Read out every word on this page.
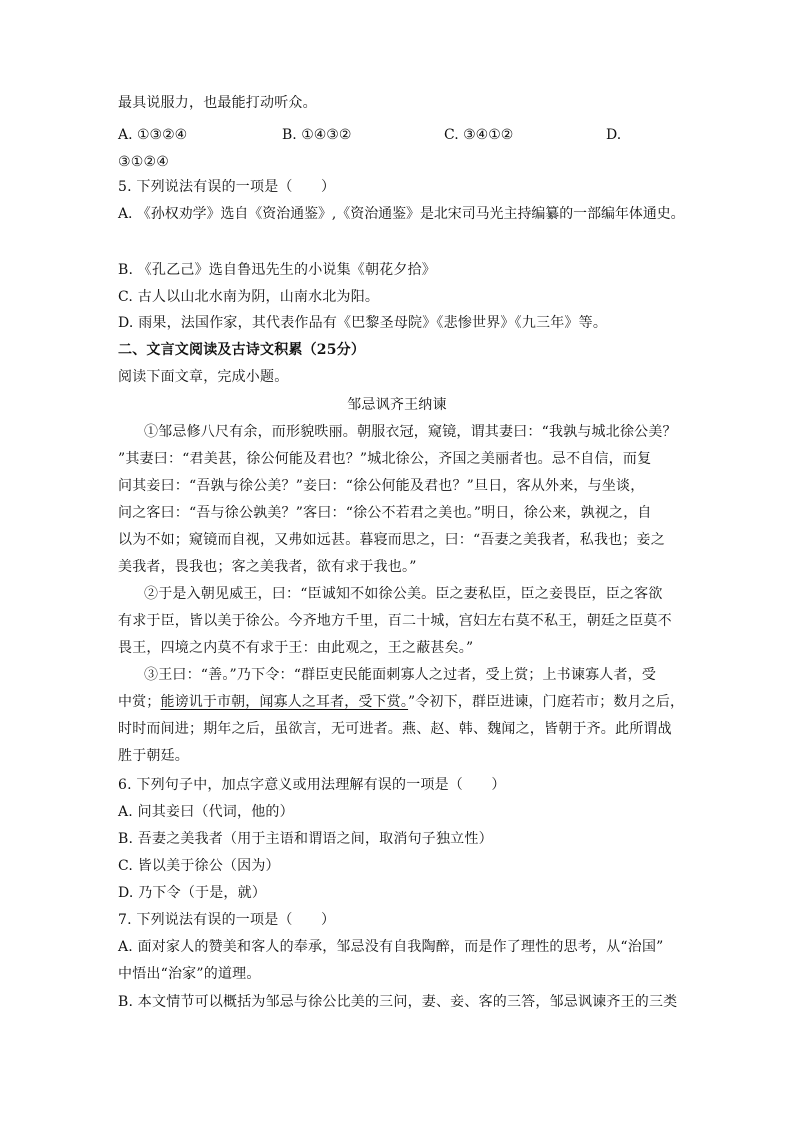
最具说服力，也最能打动听众。
A. ①③②④	B. ①④③②	C. ③④①②	D.
③①②④
5. 下列说法有误的一项是（　　）
A. 《孙权劝学》选自《资治通鉴》,《资治通鉴》是北宋司马光主持编纂的一部编年体通史。
B. 《孔乙己》选自鲁迅先生的小说集《朝花夕拾》
C. 古人以山北水南为阴，山南水北为阳。
D. 雨果，法国作家，其代表作品有《巴黎圣母院》《悲惨世界》《九三年》等。
二、文言文阅读及古诗文积累（25分）
阅读下面文章，完成小题。
邹忌讽齐王纳谏
①邹忌修八尺有余，而形貌昳丽。朝服衣冠，窥镜，谓其妻曰：“我孰与城北徐公美？
”其妻曰：“君美甚，徐公何能及君也？”城北徐公，齐国之美丽者也。忌不自信，而复
问其妾曰：“吾孰与徐公美？”妾曰：“徐公何能及君也？”旦日，客从外来，与坐谈，
问之客曰：“吾与徐公孰美？”客曰：“徐公不若君之美也。”明日，徐公来，孰视之，自
以为不如；窥镜而自视，又弗如远甚。暮寝而思之，曰：“吾妻之美我者，私我也；妾之
美我者，畏我也；客之美我者，欲有求于我也。”
②于是入朝见威王，曰：“臣诚知不如徐公美。臣之妻私臣，臣之妾畏臣，臣之客欲
有求于臣，皆以美于徐公。今齐地方千里，百二十城，宫妇左右莫不私王，朝廷之臣莫不
畏王，四境之内莫不有求于王：由此观之，王之蔽甚矣。”
③王曰：“善。”乃下令：“群臣吏民能面刺寡人之过者，受上赏；上书谏寡人者，受
中赏；能谤讥于市朝，闻寡人之耳者，受下赏。”令初下，群臣进谏，门庭若市；数月之后，
时时而间进；期年之后，虽欲言，无可进者。燕、赵、韩、魏闻之，皆朝于齐。此所谓战
胜于朝廷。
6. 下列句子中，加点字意义或用法理解有误的一项是（　　）
A. 问其妾曰（代词，他的）
B. 吾妻之美我者（用于主语和谓语之间，取消句子独立性）
C. 皆以美于徐公（因为）
D. 乃下令（于是，就）
7. 下列说法有误的一项是（　　）
A. 面对家人的赞美和客人的奉承，邹忌没有自我陶醉，而是作了理性的思考，从“治国”
中悟出“治家”的道理。
B. 本文情节可以概括为邹忌与徐公比美的三问，妻、妾、客的三答，邹忌讽谏齐王的三类
